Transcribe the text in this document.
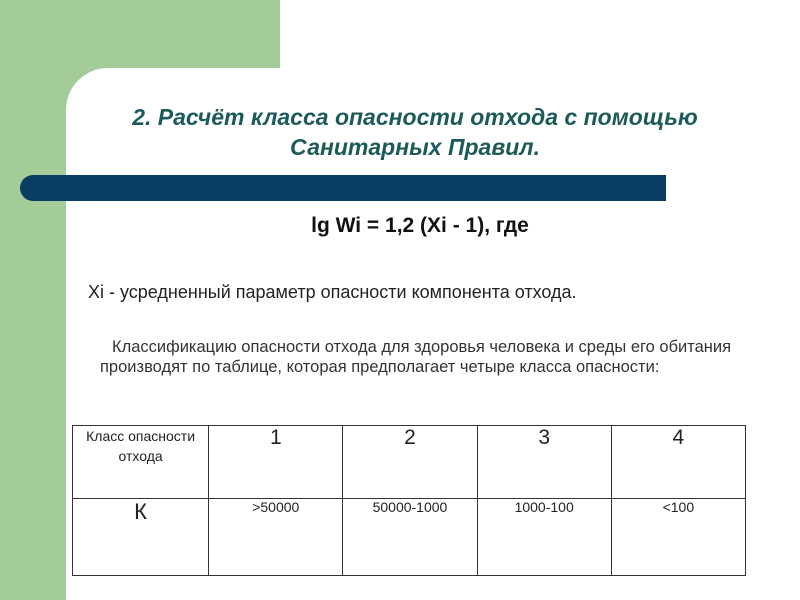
2. Расчёт класса опасности отхода с помощью
Санитарных Правил.
lg Wi = 1,2 (Xi - 1), где
Xi - усредненный параметр опасности компонента отхода.
Классификацию опасности отхода для здоровья человека и среды его обитания производят по таблице, которая предполагает четыре класса опасности:
Класс опасности отхода	1	2	3	4
К	>50000	50000-1000	1000-100	<100
